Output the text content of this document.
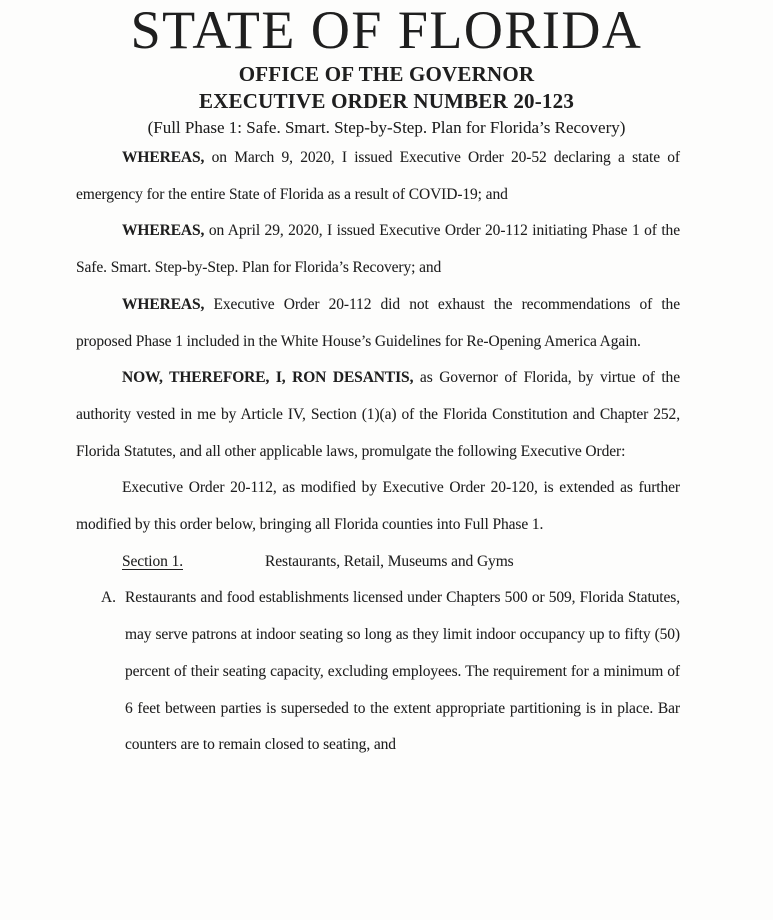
STATE OF FLORIDA
OFFICE OF THE GOVERNOR
EXECUTIVE ORDER NUMBER 20-123
(Full Phase 1: Safe. Smart. Step-by-Step. Plan for Florida’s Recovery)

WHEREAS, on March 9, 2020, I issued Executive Order 20-52 declaring a state of emergency for the entire State of Florida as a result of COVID-19; and

WHEREAS, on April 29, 2020, I issued Executive Order 20-112 initiating Phase 1 of the Safe. Smart. Step-by-Step. Plan for Florida’s Recovery; and

WHEREAS, Executive Order 20-112 did not exhaust the recommendations of the proposed Phase 1 included in the White House’s Guidelines for Re-Opening America Again.

NOW, THEREFORE, I, RON DESANTIS, as Governor of Florida, by virtue of the authority vested in me by Article IV, Section (1)(a) of the Florida Constitution and Chapter 252, Florida Statutes, and all other applicable laws, promulgate the following Executive Order:

Executive Order 20-112, as modified by Executive Order 20-120, is extended as further modified by this order below, bringing all Florida counties into Full Phase 1.

Section 1.	Restaurants, Retail, Museums and Gyms

A. Restaurants and food establishments licensed under Chapters 500 or 509, Florida Statutes, may serve patrons at indoor seating so long as they limit indoor occupancy up to fifty (50) percent of their seating capacity, excluding employees. The requirement for a minimum of 6 feet between parties is superseded to the extent appropriate partitioning is in place. Bar counters are to remain closed to seating, and
